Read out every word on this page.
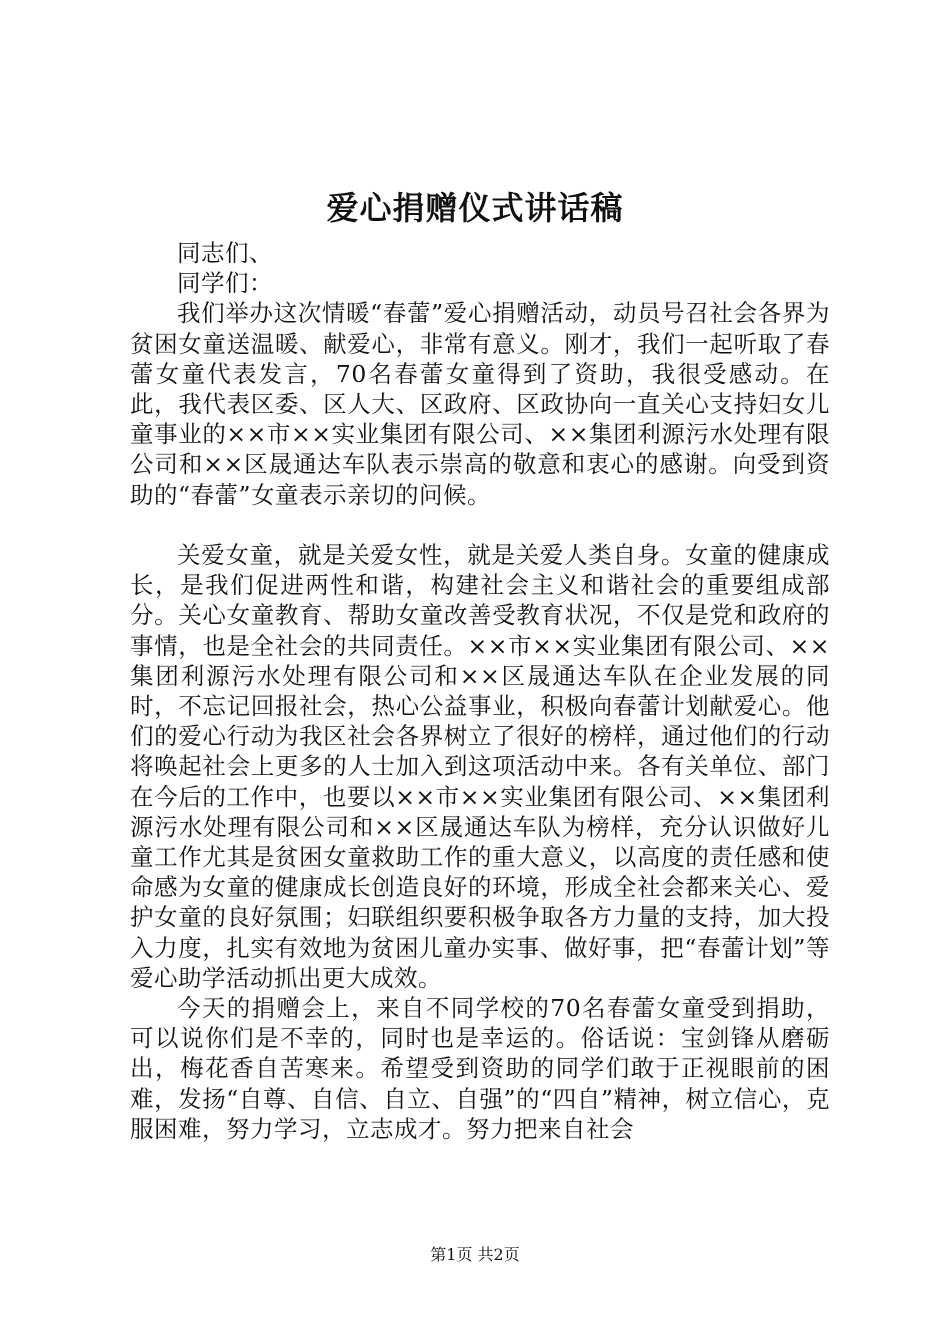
爱心捐赠仪式讲话稿

同志们、

同学们：

我们举办这次情暖“春蕾”爱心捐赠活动，动员号召社会各界为贫困女童送温暖、献爱心，非常有意义。刚才，我们一起听取了春蕾女童代表发言，70名春蕾女童得到了资助，我很受感动。在此，我代表区委、区人大、区政府、区政协向一直关心支持妇女儿童事业的××市××实业集团有限公司、××集团利源污水处理有限公司和××区晟通达车队表示崇高的敬意和衷心的感谢。向受到资助的“春蕾”女童表示亲切的问候。

关爱女童，就是关爱女性，就是关爱人类自身。女童的健康成长，是我们促进两性和谐，构建社会主义和谐社会的重要组成部分。关心女童教育、帮助女童改善受教育状况，不仅是党和政府的事情，也是全社会的共同责任。××市××实业集团有限公司、××集团利源污水处理有限公司和××区晟通达车队在企业发展的同时，不忘记回报社会，热心公益事业，积极向春蕾计划献爱心。他们的爱心行动为我区社会各界树立了很好的榜样，通过他们的行动将唤起社会上更多的人士加入到这项活动中来。各有关单位、部门在今后的工作中，也要以××市××实业集团有限公司、××集团利源污水处理有限公司和××区晟通达车队为榜样，充分认识做好儿童工作尤其是贫困女童救助工作的重大意义，以高度的责任感和使命感为女童的健康成长创造良好的环境，形成全社会都来关心、爱护女童的良好氛围；妇联组织要积极争取各方力量的支持，加大投入力度，扎实有效地为贫困儿童办实事、做好事，把“春蕾计划”等爱心助学活动抓出更大成效。

今天的捐赠会上，来自不同学校的70名春蕾女童受到捐助，可以说你们是不幸的，同时也是幸运的。俗话说：宝剑锋从磨砺出，梅花香自苦寒来。希望受到资助的同学们敢于正视眼前的困难，发扬“自尊、自信、自立、自强”的“四自”精神，树立信心，克服困难，努力学习，立志成才。努力把来自社会

第1页 共2页
